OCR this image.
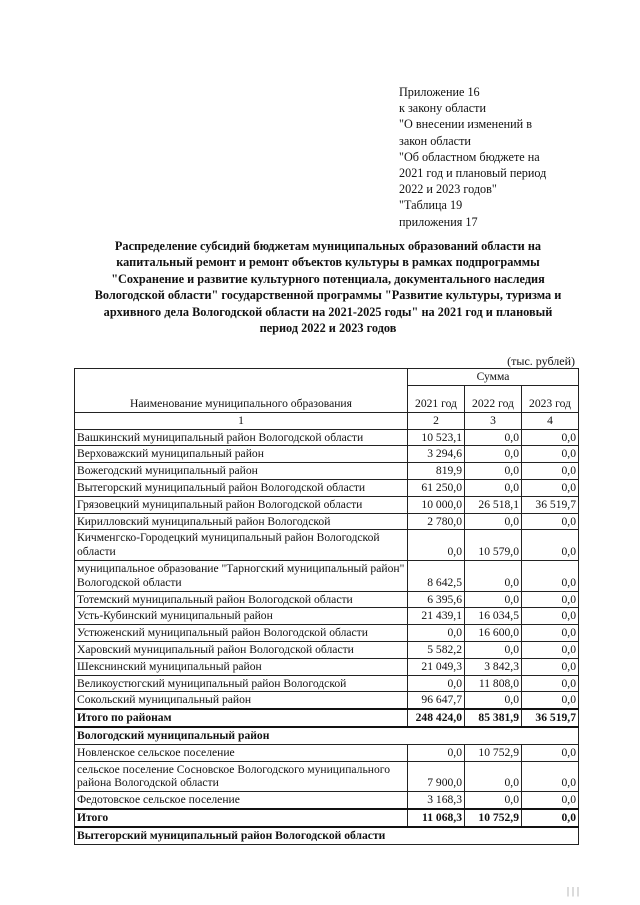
Приложение 16
к закону области
"О внесении изменений в
закон области
"Об областном бюджете на
2021 год и плановый период
2022 и 2023 годов"
"Таблица 19
приложения 17
Распределение субсидий бюджетам муниципальных образований области на
капитальный ремонт и ремонт объектов культуры в рамках подпрограммы
"Сохранение и развитие культурного потенциала, документального наследия
Вологодской области" государственной программы "Развитие культуры, туризма и
архивного дела Вологодской области на 2021-2025 годы" на 2021 год и плановый
период 2022 и 2023 годов
(тыс. рублей)
Наименование муниципального образования	Сумма		
	2021 год	2022 год	2023 год
1	2	3	4
Вашкинский муниципальный район Вологодской области	10 523,1	0,0	0,0
Верховажский муниципальный район	3 294,6	0,0	0,0
Вожегодский муниципальный район	819,9	0,0	0,0
Вытегорский муниципальный район Вологодской области	61 250,0	0,0	0,0
Грязовецкий муниципальный район Вологодской области	10 000,0	26 518,1	36 519,7
Кирилловский муниципальный район Вологодской	2 780,0	0,0	0,0
Кичменгско-Городецкий муниципальный район Вологодской области	0,0	10 579,0	0,0
муниципальное образование "Тарногский муниципальный район" Вологодской области	8 642,5	0,0	0,0
Тотемский муниципальный район Вологодской области	6 395,6	0,0	0,0
Усть-Кубинский муниципальный район	21 439,1	16 034,5	0,0
Устюженский муниципальный район Вологодской области	0,0	16 600,0	0,0
Харовский муниципальный район Вологодской области	5 582,2	0,0	0,0
Шекснинский муниципальный район	21 049,3	3 842,3	0,0
Великоустюгский муниципальный район Вологодской	0,0	11 808,0	0,0
Сокольский муниципальный район	96 647,7	0,0	0,0
Итого по районам	248 424,0	85 381,9	36 519,7
Вологодский муниципальный район			
Новленское сельское поселение	0,0	10 752,9	0,0
сельское поселение Сосновское Вологодского муниципального района Вологодской области	7 900,0	0,0	0,0
Федотовское сельское поселение	3 168,3	0,0	0,0
Итого	11 068,3	10 752,9	0,0
Вытегорский муниципальный район Вологодской области			
|||
